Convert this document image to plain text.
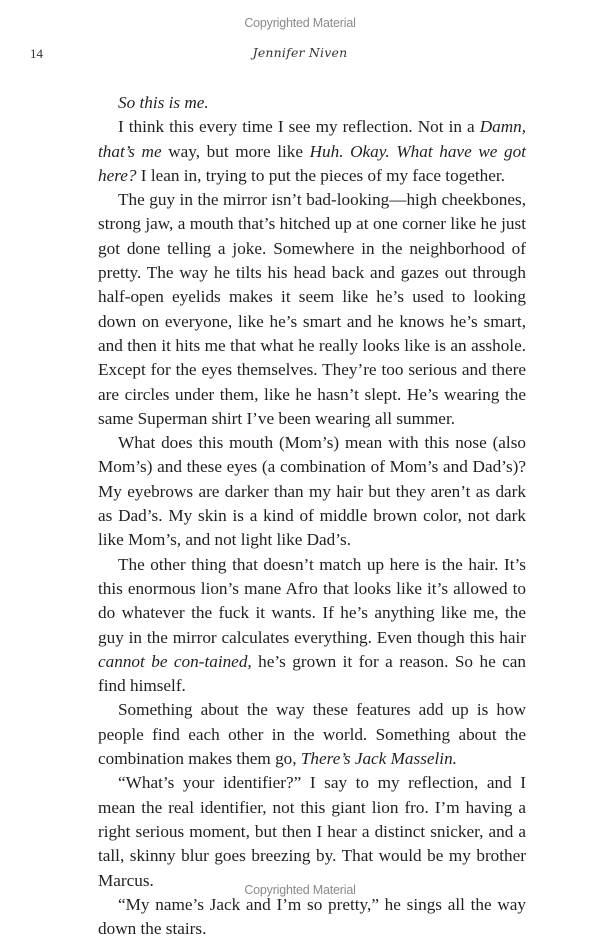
Copyrighted Material
14	Jennifer Niven

So this is me.

I think this every time I see my reflection. Not in a Damn, that’s me way, but more like Huh. Okay. What have we got here? I lean in, trying to put the pieces of my face together.

The guy in the mirror isn’t bad-looking—high cheekbones, strong jaw, a mouth that’s hitched up at one corner like he just got done telling a joke. Somewhere in the neighborhood of pretty. The way he tilts his head back and gazes out through half-open eyelids makes it seem like he’s used to looking down on everyone, like he’s smart and he knows he’s smart, and then it hits me that what he really looks like is an asshole. Except for the eyes themselves. They’re too serious and there are circles under them, like he hasn’t slept. He’s wearing the same Superman shirt I’ve been wearing all summer.

What does this mouth (Mom’s) mean with this nose (also Mom’s) and these eyes (a combination of Mom’s and Dad’s)? My eyebrows are darker than my hair but they aren’t as dark as Dad’s. My skin is a kind of middle brown color, not dark like Mom’s, and not light like Dad’s.

The other thing that doesn’t match up here is the hair. It’s this enormous lion’s mane Afro that looks like it’s allowed to do whatever the fuck it wants. If he’s anything like me, the guy in the mirror calculates everything. Even though this hair cannot be con-tained, he’s grown it for a reason. So he can find himself.

Something about the way these features add up is how people find each other in the world. Something about the combination makes them go, There’s Jack Masselin.

“What’s your identifier?” I say to my reflection, and I mean the real identifier, not this giant lion fro. I’m having a right serious moment, but then I hear a distinct snicker, and a tall, skinny blur goes breezing by. That would be my brother Marcus.

“My name’s Jack and I’m so pretty,” he sings all the way down the stairs.

Copyrighted Material
